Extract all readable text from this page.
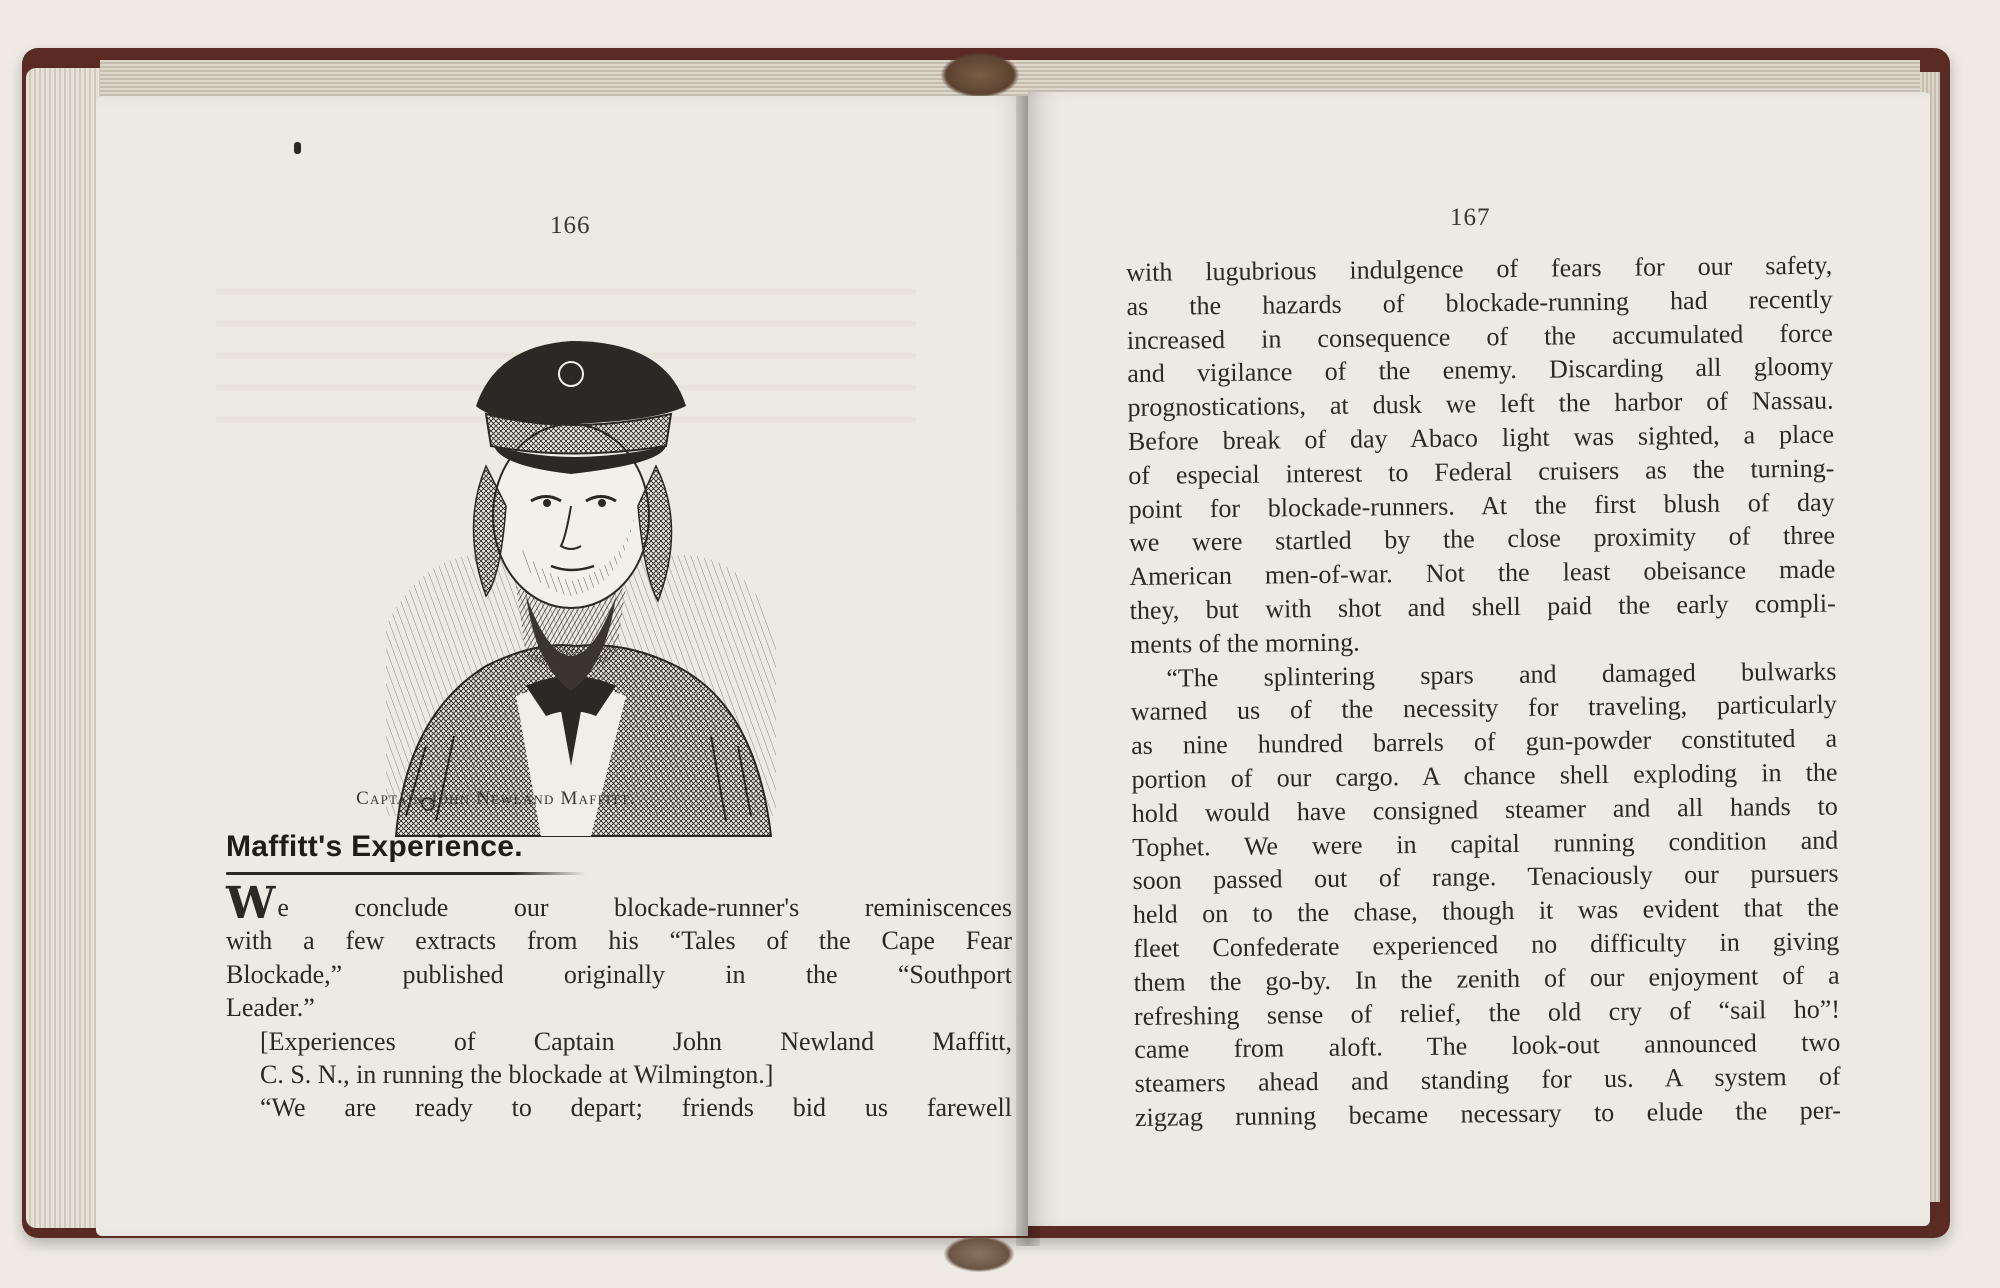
166
Captain John Newland Maffitt.
Maffitt's Experience.

We conclude our blockade-runner's reminiscences
with a few extracts from his “Tales of the Cape Fear
Blockade,” published originally in the “Southport
Leader.”

[Experiences of Captain John Newland Maffitt,
C. S. N., in running the blockade at Wilmington.]

“We are ready to depart; friends bid us farewell

167

with lugubrious indulgence of fears for our safety,
as the hazards of blockade-running had recently
increased in consequence of the accumulated force
and vigilance of the enemy. Discarding all gloomy
prognostications, at dusk we left the harbor of Nassau.
Before break of day Abaco light was sighted, a place
of especial interest to Federal cruisers as the turning-
point for blockade-runners. At the first blush of day
we were startled by the close proximity of three
American men-of-war. Not the least obeisance made
they, but with shot and shell paid the early compli-
ments of the morning.

“The splintering spars and damaged bulwarks
warned us of the necessity for traveling, particularly
as nine hundred barrels of gun-powder constituted a
portion of our cargo. A chance shell exploding in the
hold would have consigned steamer and all hands to
Tophet. We were in capital running condition and
soon passed out of range. Tenaciously our pursuers
held on to the chase, though it was evident that the
fleet Confederate experienced no difficulty in giving
them the go-by. In the zenith of our enjoyment of a
refreshing sense of relief, the old cry of “sail ho”!
came from aloft. The look-out announced two
steamers ahead and standing for us. A system of
zigzag running became necessary to elude the per-
